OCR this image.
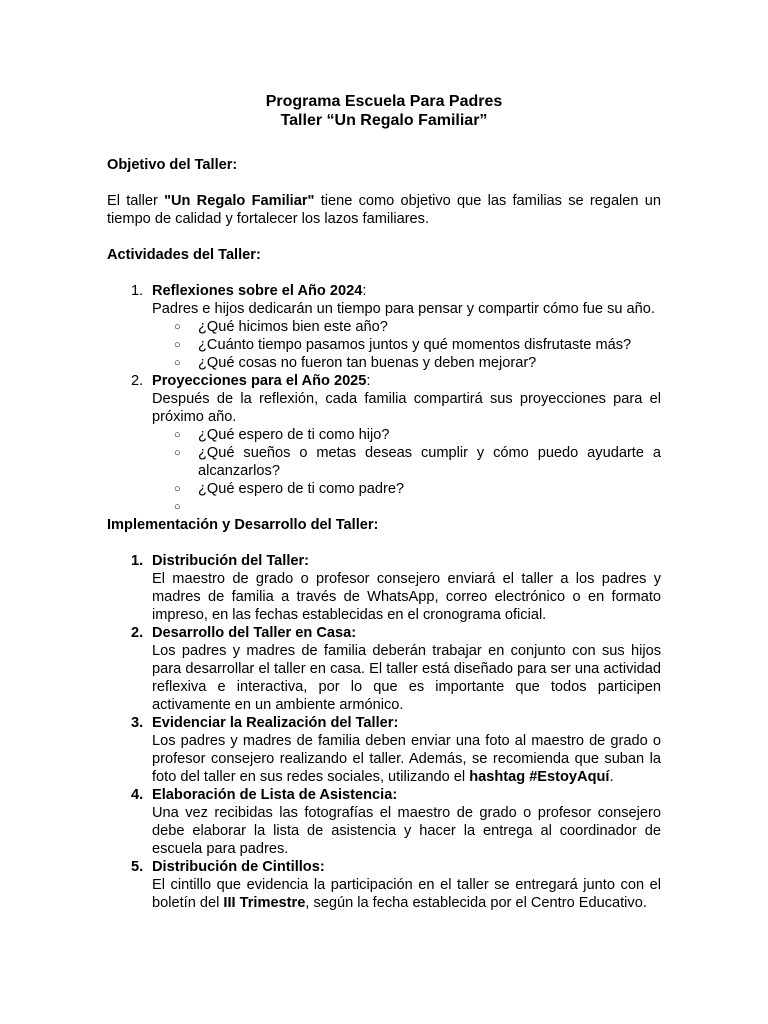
Programa Escuela Para Padres

Taller “Un Regalo Familiar”

Objetivo del Taller:

El taller "Un Regalo Familiar" tiene como objetivo que las familias se regalen un tiempo de calidad y fortalecer los lazos familiares.

Actividades del Taller:

1. Reflexiones sobre el Año 2024:

Padres e hijos dedicarán un tiempo para pensar y compartir cómo fue su año.

○ ¿Qué hicimos bien este año?
○ ¿Cuánto tiempo pasamos juntos y qué momentos disfrutaste más?
○ ¿Qué cosas no fueron tan buenas y deben mejorar?
2. Proyecciones para el Año 2025:

Después de la reflexión, cada familia compartirá sus proyecciones para el próximo año.

○ ¿Qué espero de ti como hijo?
○ ¿Qué sueños o metas deseas cumplir y cómo puedo ayudarte a alcanzarlos?
○ ¿Qué espero de ti como padre?
○

Implementación y Desarrollo del Taller:

1. Distribución del Taller:

El maestro de grado o profesor consejero enviará el taller a los padres y madres de familia a través de WhatsApp, correo electrónico o en formato impreso, en las fechas establecidas en el cronograma oficial.

2. Desarrollo del Taller en Casa:

Los padres y madres de familia deberán trabajar en conjunto con sus hijos para desarrollar el taller en casa. El taller está diseñado para ser una actividad reflexiva e interactiva, por lo que es importante que todos participen activamente en un ambiente armónico.

3. Evidenciar la Realización del Taller:

Los padres y madres de familia deben enviar una foto al maestro de grado o profesor consejero realizando el taller. Además, se recomienda que suban la foto del taller en sus redes sociales, utilizando el hashtag #EstoyAquí.

4. Elaboración de Lista de Asistencia:

Una vez recibidas las fotografías el maestro de grado o profesor consejero debe elaborar la lista de asistencia y hacer la entrega al coordinador de escuela para padres.

5. Distribución de Cintillos:

El cintillo que evidencia la participación en el taller se entregará junto con el boletín del III Trimestre, según la fecha establecida por el Centro Educativo.
